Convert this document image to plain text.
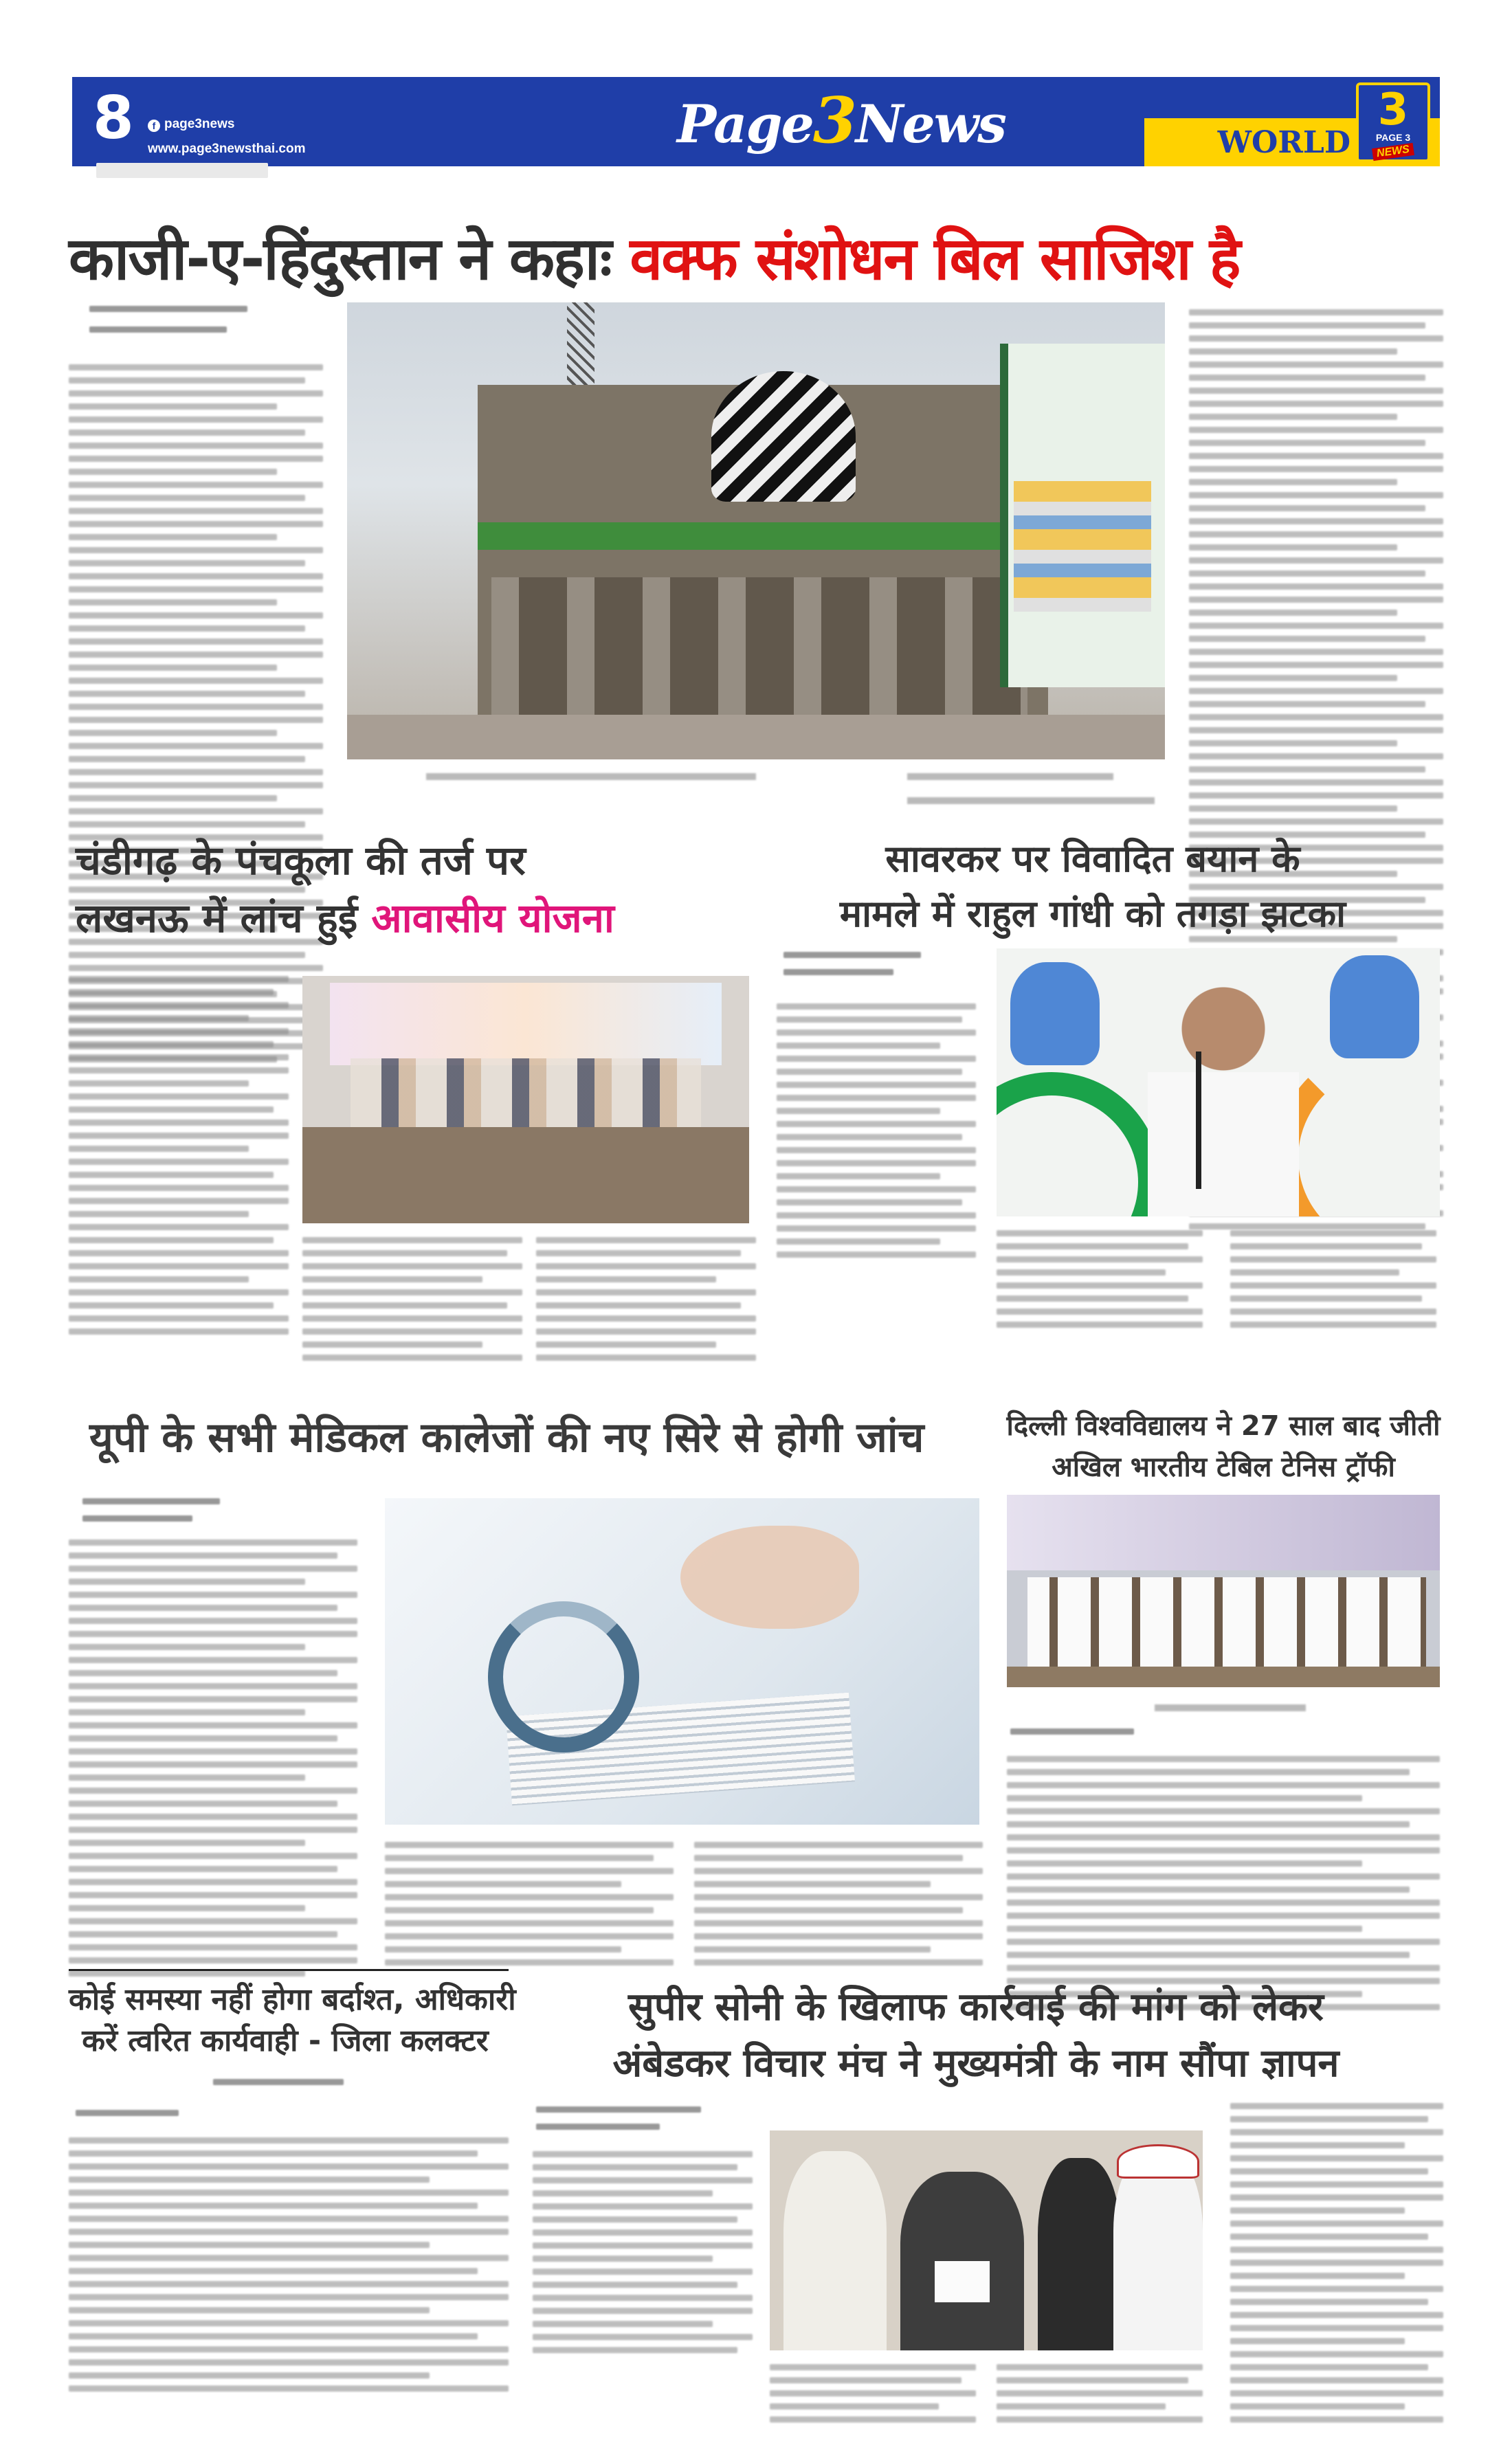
8	f page3news
www.page3newsthai.com	Page3News	WORLD
3
PAGE 3
NEWS
काजी-ए-हिंदुस्तान ने कहाः वक्फ संशोधन बिल साजिश है
चंडीगढ़ के पंचकूला की तर्ज पर
लखनऊ में लांच हुई आवासीय योजना
सावरकर पर विवादित बयान के
मामले में राहुल गांधी को तगड़ा झटका
यूपी के सभी मेडिकल कालेजों की नए सिरे से होगी जांच	दिल्ली विश्वविद्यालय ने 27 साल बाद जीती
अखिल भारतीय टेबिल टेनिस ट्रॉफी
कोई समस्या नहीं होगा बर्दाश्त, अधिकारी
करें त्वरित कार्यवाही - जिला कलक्टर
सुपीर सोनी के खिलाफ कार्रवाई की मांग को लेकर
अंबेडकर विचार मंच ने मुख्यमंत्री के नाम सौंपा ज्ञापन
